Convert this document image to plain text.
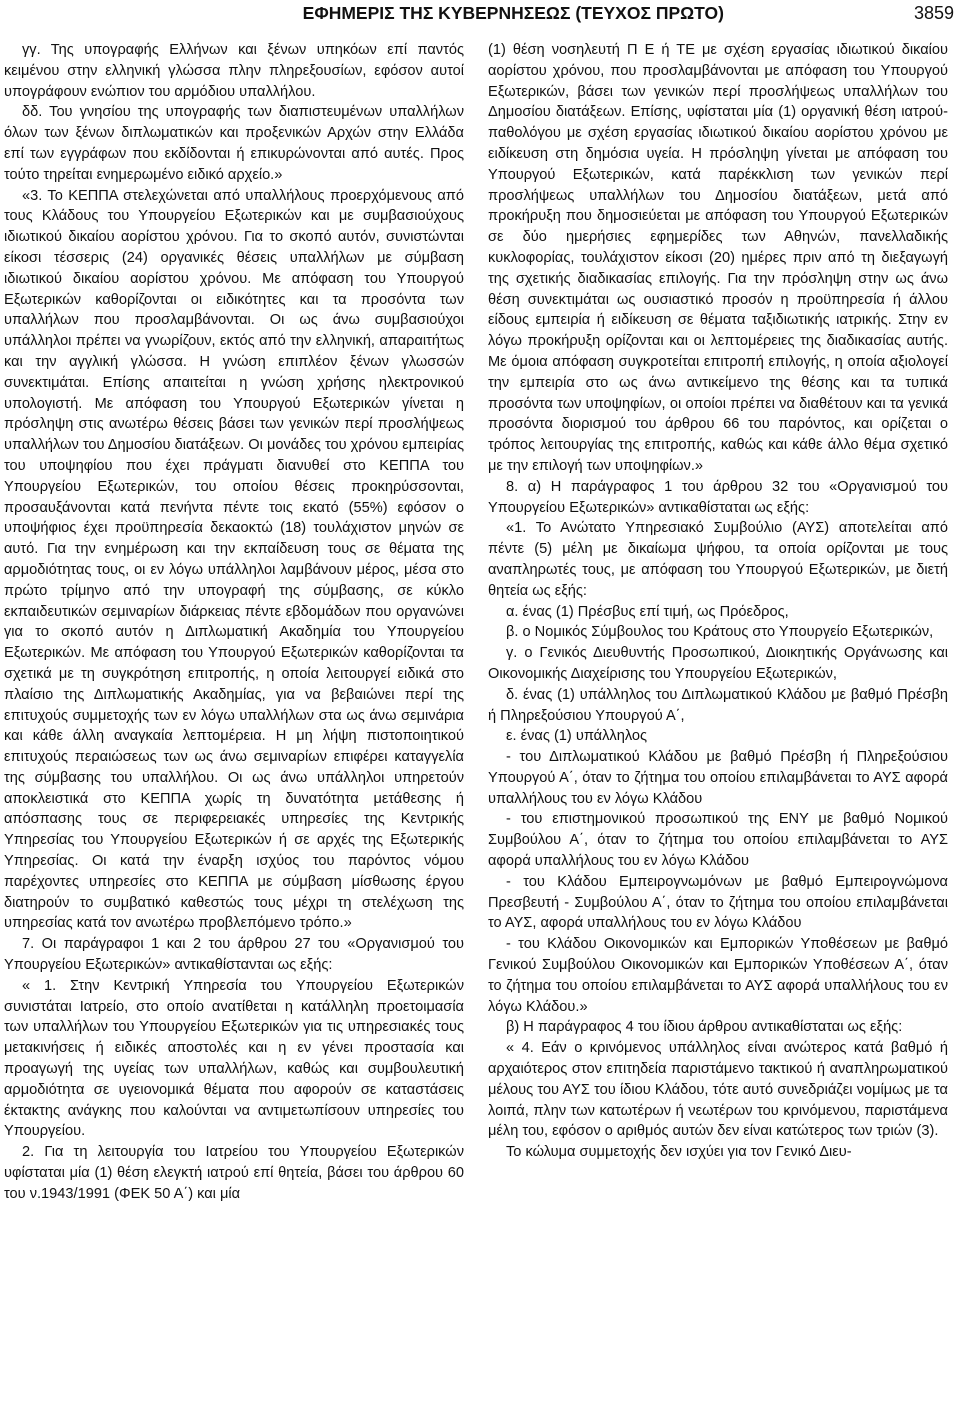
ΕΦΗΜΕΡΙΣ ΤΗΣ ΚΥΒΕΡΝΗΣΕΩΣ (ΤΕΥΧΟΣ ΠΡΩΤΟ)	3859

γγ. Της υπογραφής Ελλήνων και ξένων υπηκόων επί παντός κειμένου στην ελληνική γλώσσα πλην πληρεξουσίων, εφόσον αυτοί υπογράφουν ενώπιον του αρμόδιου υπαλλήλου.

δδ. Του γνησίου της υπογραφής των διαπιστευμένων υπαλλήλων όλων των ξένων διπλωματικών και προξενικών Αρχών στην Ελλάδα επί των εγγράφων που εκδίδονται ή επικυρώνονται από αυτές. Προς τούτο τηρείται ενημερωμένο ειδικό αρχείο.»

«3. Το ΚΕΠΠΑ στελεχώνεται από υπαλλήλους προερχόμενους από τους Κλάδους του Υπουργείου Εξωτερικών και με συμβασιούχους ιδιωτικού δικαίου αορίστου χρόνου. Για το σκοπό αυτόν, συνιστώνται είκοσι τέσσερις (24) οργανικές θέσεις υπαλλήλων με σύμβαση ιδιωτικού δικαίου αορίστου χρόνου. Με απόφαση του Υπουργού Εξωτερικών καθορίζονται οι ειδικότητες και τα προσόντα των υπαλλήλων που προσλαμβάνονται. Οι ως άνω συμβασιούχοι υπάλληλοι πρέπει να γνωρίζουν, εκτός από την ελληνική, απαραιτήτως και την αγγλική γλώσσα. Η γνώση επιπλέον ξένων γλωσσών συνεκτιμάται. Επίσης απαιτείται η γνώση χρήσης ηλεκτρονικού υπολογιστή. Με απόφαση του Υπουργού Εξωτερικών γίνεται η πρόσληψη στις ανωτέρω θέσεις βάσει των γενικών περί προσλήψεως υπαλλήλων του Δημοσίου διατάξεων. Οι μονάδες του χρόνου εμπειρίας του υποψηφίου που έχει πράγματι διανυθεί στο ΚΕΠΠΑ του Υπουργείου Εξωτερικών, του οποίου θέσεις προκηρύσσονται, προσαυξάνονται κατά πενήντα πέντε τοις εκατό (55%) εφόσον ο υποψήφιος έχει προϋπηρεσία δεκαοκτώ (18) τουλάχιστον μηνών σε αυτό. Για την ενημέρωση και την εκπαίδευση τους σε θέματα της αρμοδιότητας τους, οι εν λόγω υπάλληλοι λαμβάνουν μέρος, μέσα στο πρώτο τρίμηνο από την υπογραφή της σύμβασης, σε κύκλο εκπαιδευτικών σεμιναρίων διάρκειας πέντε εβδομάδων που οργανώνει για το σκοπό αυτόν η Διπλωματική Ακαδημία του Υπουργείου Εξωτερικών. Με απόφαση του Υπουργού Εξωτερικών καθορίζονται τα σχετικά με τη συγκρότηση επιτροπής, η οποία λειτουργεί ειδικά στο πλαίσιο της Διπλωματικής Ακαδημίας, για να βεβαιώνει περί της επιτυχούς συμμετοχής των εν λόγω υπαλλήλων στα ως άνω σεμινάρια και κάθε άλλη αναγκαία λεπτομέρεια. Η μη λήψη πιστοποιητικού επιτυχούς περαιώσεως των ως άνω σεμιναρίων επιφέρει καταγγελία της σύμβασης του υπαλλήλου. Οι ως άνω υπάλληλοι υπηρετούν αποκλειστικά στο ΚΕΠΠΑ χωρίς τη δυνατότητα μετάθεσης ή απόσπασης τους σε περιφερειακές υπηρεσίες της Κεντρικής Υπηρεσίας του Υπουργείου Εξωτερικών ή σε αρχές της Εξωτερικής Υπηρεσίας. Οι κατά την έναρξη ισχύος του παρόντος νόμου παρέχοντες υπηρεσίες στο ΚΕΠΠΑ με σύμβαση μίσθωσης έργου διατηρούν το συμβατικό καθεστώς τους μέχρι τη στελέχωση της υπηρεσίας κατά τον ανωτέρω προβλεπόμενο τρόπο.»

7. Οι παράγραφοι 1 και 2 του άρθρου 27 του «Οργανισμού του Υπουργείου Εξωτερικών» αντικαθίστανται ως εξής:

« 1. Στην Κεντρική Υπηρεσία του Υπουργείου Εξωτερικών συνιστάται Ιατρείο, στο οποίο ανατίθεται η κατάλληλη προετοιμασία των υπαλλήλων του Υπουργείου Εξωτερικών για τις υπηρεσιακές τους μετακινήσεις ή ειδικές αποστολές και η εν γένει προστασία και προαγωγή της υγείας των υπαλλήλων, καθώς και συμβουλευτική αρμοδιότητα σε υγειονομικά θέματα που αφορούν σε καταστάσεις έκτακτης ανάγκης που καλούνται να αντιμετωπίσουν υπηρεσίες του Υπουργείου.

2. Για τη λειτουργία του Ιατρείου του Υπουργείου Εξωτερικών υφίσταται μία (1) θέση ελεγκτή ιατρού επί θητεία, βάσει του άρθρου 60 του ν.1943/1991 (ΦΕΚ 50 Α΄) και μία

(1) θέση νοσηλευτή Π Ε ή ΤΕ με σχέση εργασίας ιδιωτικού δικαίου αορίστου χρόνου, που προσλαμβάνονται με απόφαση του Υπουργού Εξωτερικών, βάσει των γενικών περί προσλήψεως υπαλλήλων του Δημοσίου διατάξεων. Επίσης, υφίσταται μία (1) οργανική θέση ιατρού-παθολόγου με σχέση εργασίας ιδιωτικού δικαίου αορίστου χρόνου με ειδίκευση στη δημόσια υγεία. Η πρόσληψη γίνεται με απόφαση του Υπουργού Εξωτερικών, κατά παρέκκλιση των γενικών περί προσλήψεως υπαλλήλων του Δημοσίου διατάξεων, μετά από προκήρυξη που δημοσιεύεται με απόφαση του Υπουργού Εξωτερικών σε δύο ημερήσιες εφημερίδες των Αθηνών, πανελλαδικής κυκλοφορίας, τουλάχιστον είκοσι (20) ημέρες πριν από τη διεξαγωγή της σχετικής διαδικασίας επιλογής. Για την πρόσληψη στην ως άνω θέση συνεκτιμάται ως ουσιαστικό προσόν η προϋπηρεσία ή άλλου είδους εμπειρία ή ειδίκευση σε θέματα ταξιδιωτικής ιατρικής. Στην εν λόγω προκήρυξη ορίζονται και οι λεπτομέρειες της διαδικασίας αυτής. Με όμοια απόφαση συγκροτείται επιτροπή επιλογής, η οποία αξιολογεί την εμπειρία στο ως άνω αντικείμενο της θέσης και τα τυπικά προσόντα των υποψηφίων, οι οποίοι πρέπει να διαθέτουν και τα γενικά προσόντα διορισμού του άρθρου 66 του παρόντος, και ορίζεται ο τρόπος λειτουργίας της επιτροπής, καθώς και κάθε άλλο θέμα σχετικό με την επιλογή των υποψηφίων.»

8. α) Η παράγραφος 1 του άρθρου 32 του «Οργανισμού του Υπουργείου Εξωτερικών» αντικαθίσταται ως εξής:

«1. Το Ανώτατο Υπηρεσιακό Συμβούλιο (ΑΥΣ) αποτελείται από πέντε (5) μέλη με δικαίωμα ψήφου, τα οποία ορίζονται με τους αναπληρωτές τους, με απόφαση του Υπουργού Εξωτερικών, με διετή θητεία ως εξής:

α. ένας (1) Πρέσβυς επί τιμή, ως Πρόεδρος,

β. ο Νομικός Σύμβουλος του Κράτους στο Υπουργείο Εξωτερικών,

γ. ο Γενικός Διευθυντής Προσωπικού, Διοικητικής Οργάνωσης και Οικονομικής Διαχείρισης του Υπουργείου Εξωτερικών,

δ. ένας (1) υπάλληλος του Διπλωματικού Κλάδου με βαθμό Πρέσβη ή Πληρεξούσιου Υπουργού Α΄,

ε. ένας (1) υπάλληλος

- του Διπλωματικού Κλάδου με βαθμό Πρέσβη ή Πληρεξούσιου Υπουργού Α΄, όταν το ζήτημα του οποίου επιλαμβάνεται το ΑΥΣ αφορά υπαλλήλους του εν λόγω Κλάδου

- του επιστημονικού προσωπικού της ΕΝΥ με βαθμό Νομικού Συμβούλου Α΄, όταν το ζήτημα του οποίου επιλαμβάνεται το ΑΥΣ αφορά υπαλλήλους του εν λόγω Κλάδου

- του Κλάδου Εμπειρογνωμόνων με βαθμό Εμπειρογνώμονα Πρεσβευτή - Συμβούλου Α΄, όταν το ζήτημα του οποίου επιλαμβάνεται το ΑΥΣ, αφορά υπαλλήλους του εν λόγω Κλάδου

- του Κλάδου Οικονομικών και Εμπορικών Υποθέσεων με βαθμό Γενικού Συμβούλου Οικονομικών και Εμπορικών Υποθέσεων Α΄, όταν το ζήτημα του οποίου επιλαμβάνεται το ΑΥΣ αφορά υπαλλήλους του εν λόγω Κλάδου.»

β) Η παράγραφος 4 του ίδιου άρθρου αντικαθίσταται ως εξής:

« 4. Εάν ο κρινόμενος υπάλληλος είναι ανώτερος κατά βαθμό ή αρχαιότερος στον επιτηδεία παριστάμενο τακτικού ή αναπληρωματικού μέλους του ΑΥΣ του ίδιου Κλάδου, τότε αυτό συνεδριάζει νομίμως με τα λοιπά, πλην των κατωτέρων ή νεωτέρων του κρινόμενου, παριστάμενα μέλη του, εφόσον ο αριθμός αυτών δεν είναι κατώτερος των τριών (3).

Το κώλυμα συμμετοχής δεν ισχύει για τον Γενικό Διευ-
